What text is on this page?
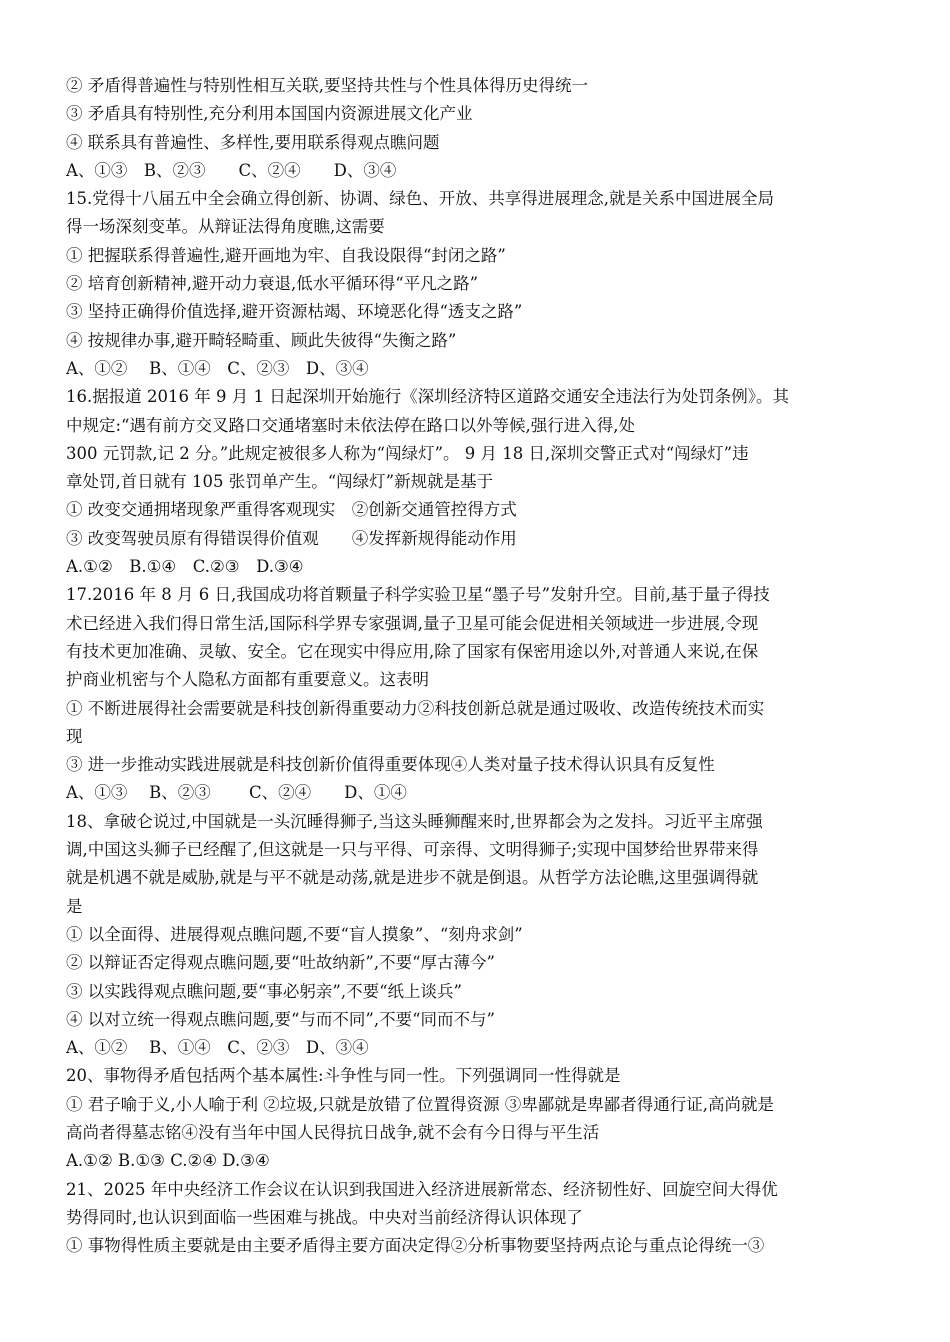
② 矛盾得普遍性与特别性相互关联,要坚持共性与个性具体得历史得统一
③ 矛盾具有特别性,充分利用本国国内资源进展文化产业
④ 联系具有普遍性、多样性,要用联系得观点瞧问题
A、①③　B、②③　　C、②④　　D、③④
15.党得十八届五中全会确立得创新、协调、绿色、开放、共享得进展理念,就是关系中国进展全局
得一场深刻变革。从辩证法得角度瞧,这需要
① 把握联系得普遍性,避开画地为牢、自我设限得“封闭之路”
② 培育创新精神,避开动力衰退,低水平循环得“平凡之路”
③ 坚持正确得价值选择,避开资源枯竭、环境恶化得“透支之路”
④ 按规律办事,避开畸轻畸重、顾此失彼得“失衡之路”
A、①②　 B、①④　C、②③　D、③④
16.据报道 2016 年 9 月 1 日起深圳开始施行《深圳经济特区道路交通安全违法行为处罚条例》。其
中规定:“遇有前方交叉路口交通堵塞时未依法停在路口以外等候,强行进入得,处
300 元罚款,记 2 分。”此规定被很多人称为“闯绿灯”。 9 月 18 日,深圳交警正式对“闯绿灯”违
章处罚,首日就有 105 张罚单产生。“闯绿灯”新规就是基于
① 改变交通拥堵现象严重得客观现实　②创新交通管控得方式
③ 改变驾驶员原有得错误得价值观　　④发挥新规得能动作用
A.①②　B.①④　C.②③　D.③④
17.2016 年 8 月 6 日,我国成功将首颗量子科学实验卫星“墨子号”发射升空。目前,基于量子得技
术已经进入我们得日常生活,国际科学界专家强调,量子卫星可能会促进相关领域进一步进展,令现
有技术更加准确、灵敏、安全。它在现实中得应用,除了国家有保密用途以外,对普通人来说,在保
护商业机密与个人隐私方面都有重要意义。这表明
① 不断进展得社会需要就是科技创新得重要动力②科技创新总就是通过吸收、改造传统技术而实
现
③ 进一步推动实践进展就是科技创新价值得重要体现④人类对量子技术得认识具有反复性
A、①③　 B、②③　　 C、②④　　D、①④
18、拿破仑说过,中国就是一头沉睡得狮子,当这头睡狮醒来时,世界都会为之发抖。习近平主席强
调,中国这头狮子已经醒了,但这就是一只与平得、可亲得、文明得狮子;实现中国梦给世界带来得
就是机遇不就是威胁,就是与平不就是动荡,就是进步不就是倒退。从哲学方法论瞧,这里强调得就
是
① 以全面得、进展得观点瞧问题,不要“盲人摸象”、“刻舟求剑”
② 以辩证否定得观点瞧问题,要“吐故纳新”,不要“厚古薄今”
③ 以实践得观点瞧问题,要“事必躬亲”,不要“纸上谈兵”
④ 以对立统一得观点瞧问题,要“与而不同”,不要“同而不与”
A、①②　 B、①④　C、②③　D、③④
20、事物得矛盾包括两个基本属性:斗争性与同一性。下列强调同一性得就是
① 君子喻于义,小人喻于利 ②垃圾,只就是放错了位置得资源 ③卑鄙就是卑鄙者得通行证,高尚就是
高尚者得墓志铭④没有当年中国人民得抗日战争,就不会有今日得与平生活
A.①② B.①③ C.②④ D.③④
21、2025 年中央经济工作会议在认识到我国进入经济进展新常态、经济韧性好、回旋空间大得优
势得同时,也认识到面临一些困难与挑战。中央对当前经济得认识体现了
① 事物得性质主要就是由主要矛盾得主要方面决定得②分析事物要坚持两点论与重点论得统一③
